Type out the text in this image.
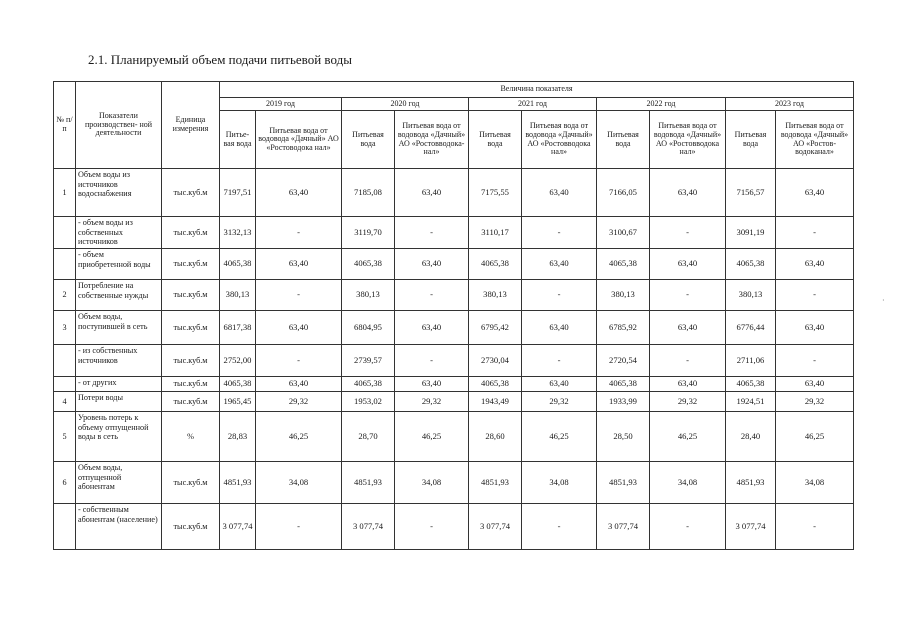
2.1. Планируемый объем подачи питьевой воды
№ п/ п	Показатели производствен- ной деятельности	Единица измерения	Величина показателя									
			2019 год		2020 год		2021 год		2022 год		2023 год	
			Питье- вая вода	Питьевая вода от водовода «Дачный» АО «Ростоводока нал»	Питьевая вода	Питьевая вода от водовода «Дачный» АО «Ростовводока- нал»	Питьевая вода	Питьевая вода от водовода «Дачный» АО «Ростовводока нал»	Питьевая вода	Питьевая вода от водовода «Дачный» АО «Ростовводока нал»	Питьевая вода	Питьевая вода от водовода «Дачный» АО «Ростов- водоканал»
1	Объем воды из источников водоснабжения	тыс.куб.м	7197,51	63,40	7185,08	63,40	7175,55	63,40	7166,05	63,40	7156,57	63,40
	- объем воды из собственных источников	тыс.куб.м	3132,13	-	3119,70	-	3110,17	-	3100,67	-	3091,19	-
	- объем приобретенной воды	тыс.куб.м	4065,38	63,40	4065,38	63,40	4065,38	63,40	4065,38	63,40	4065,38	63,40
2	Потребление на собственные нужды	тыс.куб.м	380,13	-	380,13	-	380,13	-	380,13	-	380,13	-
3	Объем воды, поступившей в сеть	тыс.куб.м	6817,38	63,40	6804,95	63,40	6795,42	63,40	6785,92	63,40	6776,44	63,40
	- из собственных источников	тыс.куб.м	2752,00	-	2739,57	-	2730,04	-	2720,54	-	2711,06	-
	- от других	тыс.куб.м	4065,38	63,40	4065,38	63,40	4065,38	63,40	4065,38	63,40	4065,38	63,40
4	Потери воды	тыс.куб.м	1965,45	29,32	1953,02	29,32	1943,49	29,32	1933,99	29,32	1924,51	29,32
5	Уровень потерь к объему отпущенной воды в сеть	%	28,83	46,25	28,70	46,25	28,60	46,25	28,50	46,25	28,40	46,25
6	Объем воды, отпущенной абонентам	тыс.куб.м	4851,93	34,08	4851,93	34,08	4851,93	34,08	4851,93	34,08	4851,93	34,08
	- собственным абонентам (население)	тыс.куб.м	3 077,74	-	3 077,74	-	3 077,74	-	3 077,74	-	3 077,74	-
·
